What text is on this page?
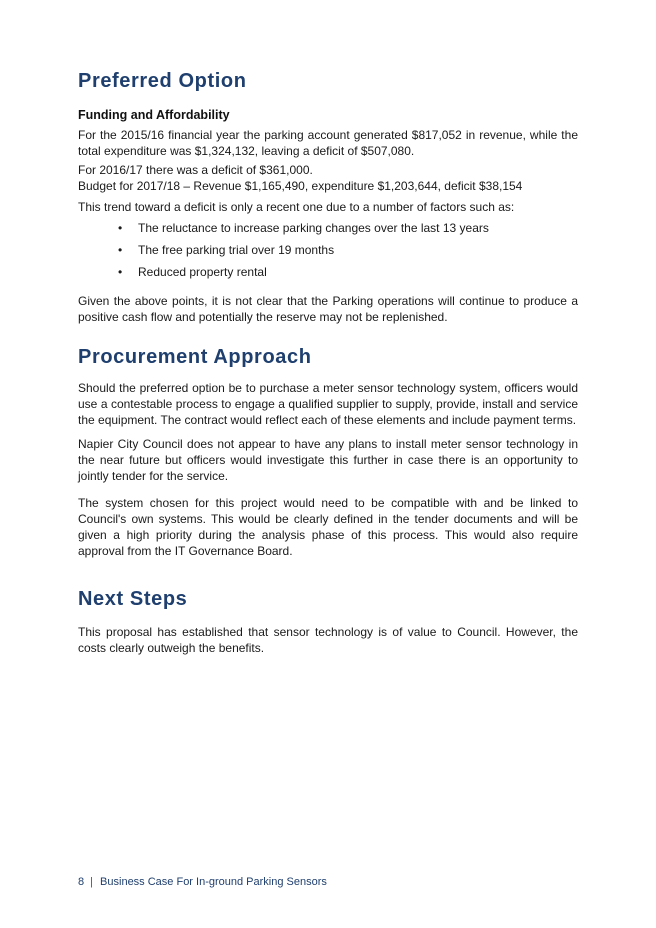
Preferred Option
Funding and Affordability

For the 2015/16 financial year the parking account generated $817,052 in revenue, while the total expenditure was $1,324,132, leaving a deficit of $507,080.

For 2016/17 there was a deficit of $361,000.

Budget for 2017/18 – Revenue $1,165,490, expenditure $1,203,644, deficit $38,154

This trend toward a deficit is only a recent one due to a number of factors such as:

• The reluctance to increase parking changes over the last 13 years
• The free parking trial over 19 months
• Reduced property rental

Given the above points, it is not clear that the Parking operations will continue to produce a positive cash flow and potentially the reserve may not be replenished.

Procurement Approach

Should the preferred option be to purchase a meter sensor technology system, officers would use a contestable process to engage a qualified supplier to supply, provide, install and service the equipment. The contract would reflect each of these elements and include payment terms.

Napier City Council does not appear to have any plans to install meter sensor technology in the near future but officers would investigate this further in case there is an opportunity to jointly tender for the service.

The system chosen for this project would need to be compatible with and be linked to Council's own systems. This would be clearly defined in the tender documents and will be given a high priority during the analysis phase of this process. This would also require approval from the IT Governance Board.

Next Steps

This proposal has established that sensor technology is of value to Council. However, the costs clearly outweigh the benefits.

8 | Business Case For In-ground Parking Sensors
